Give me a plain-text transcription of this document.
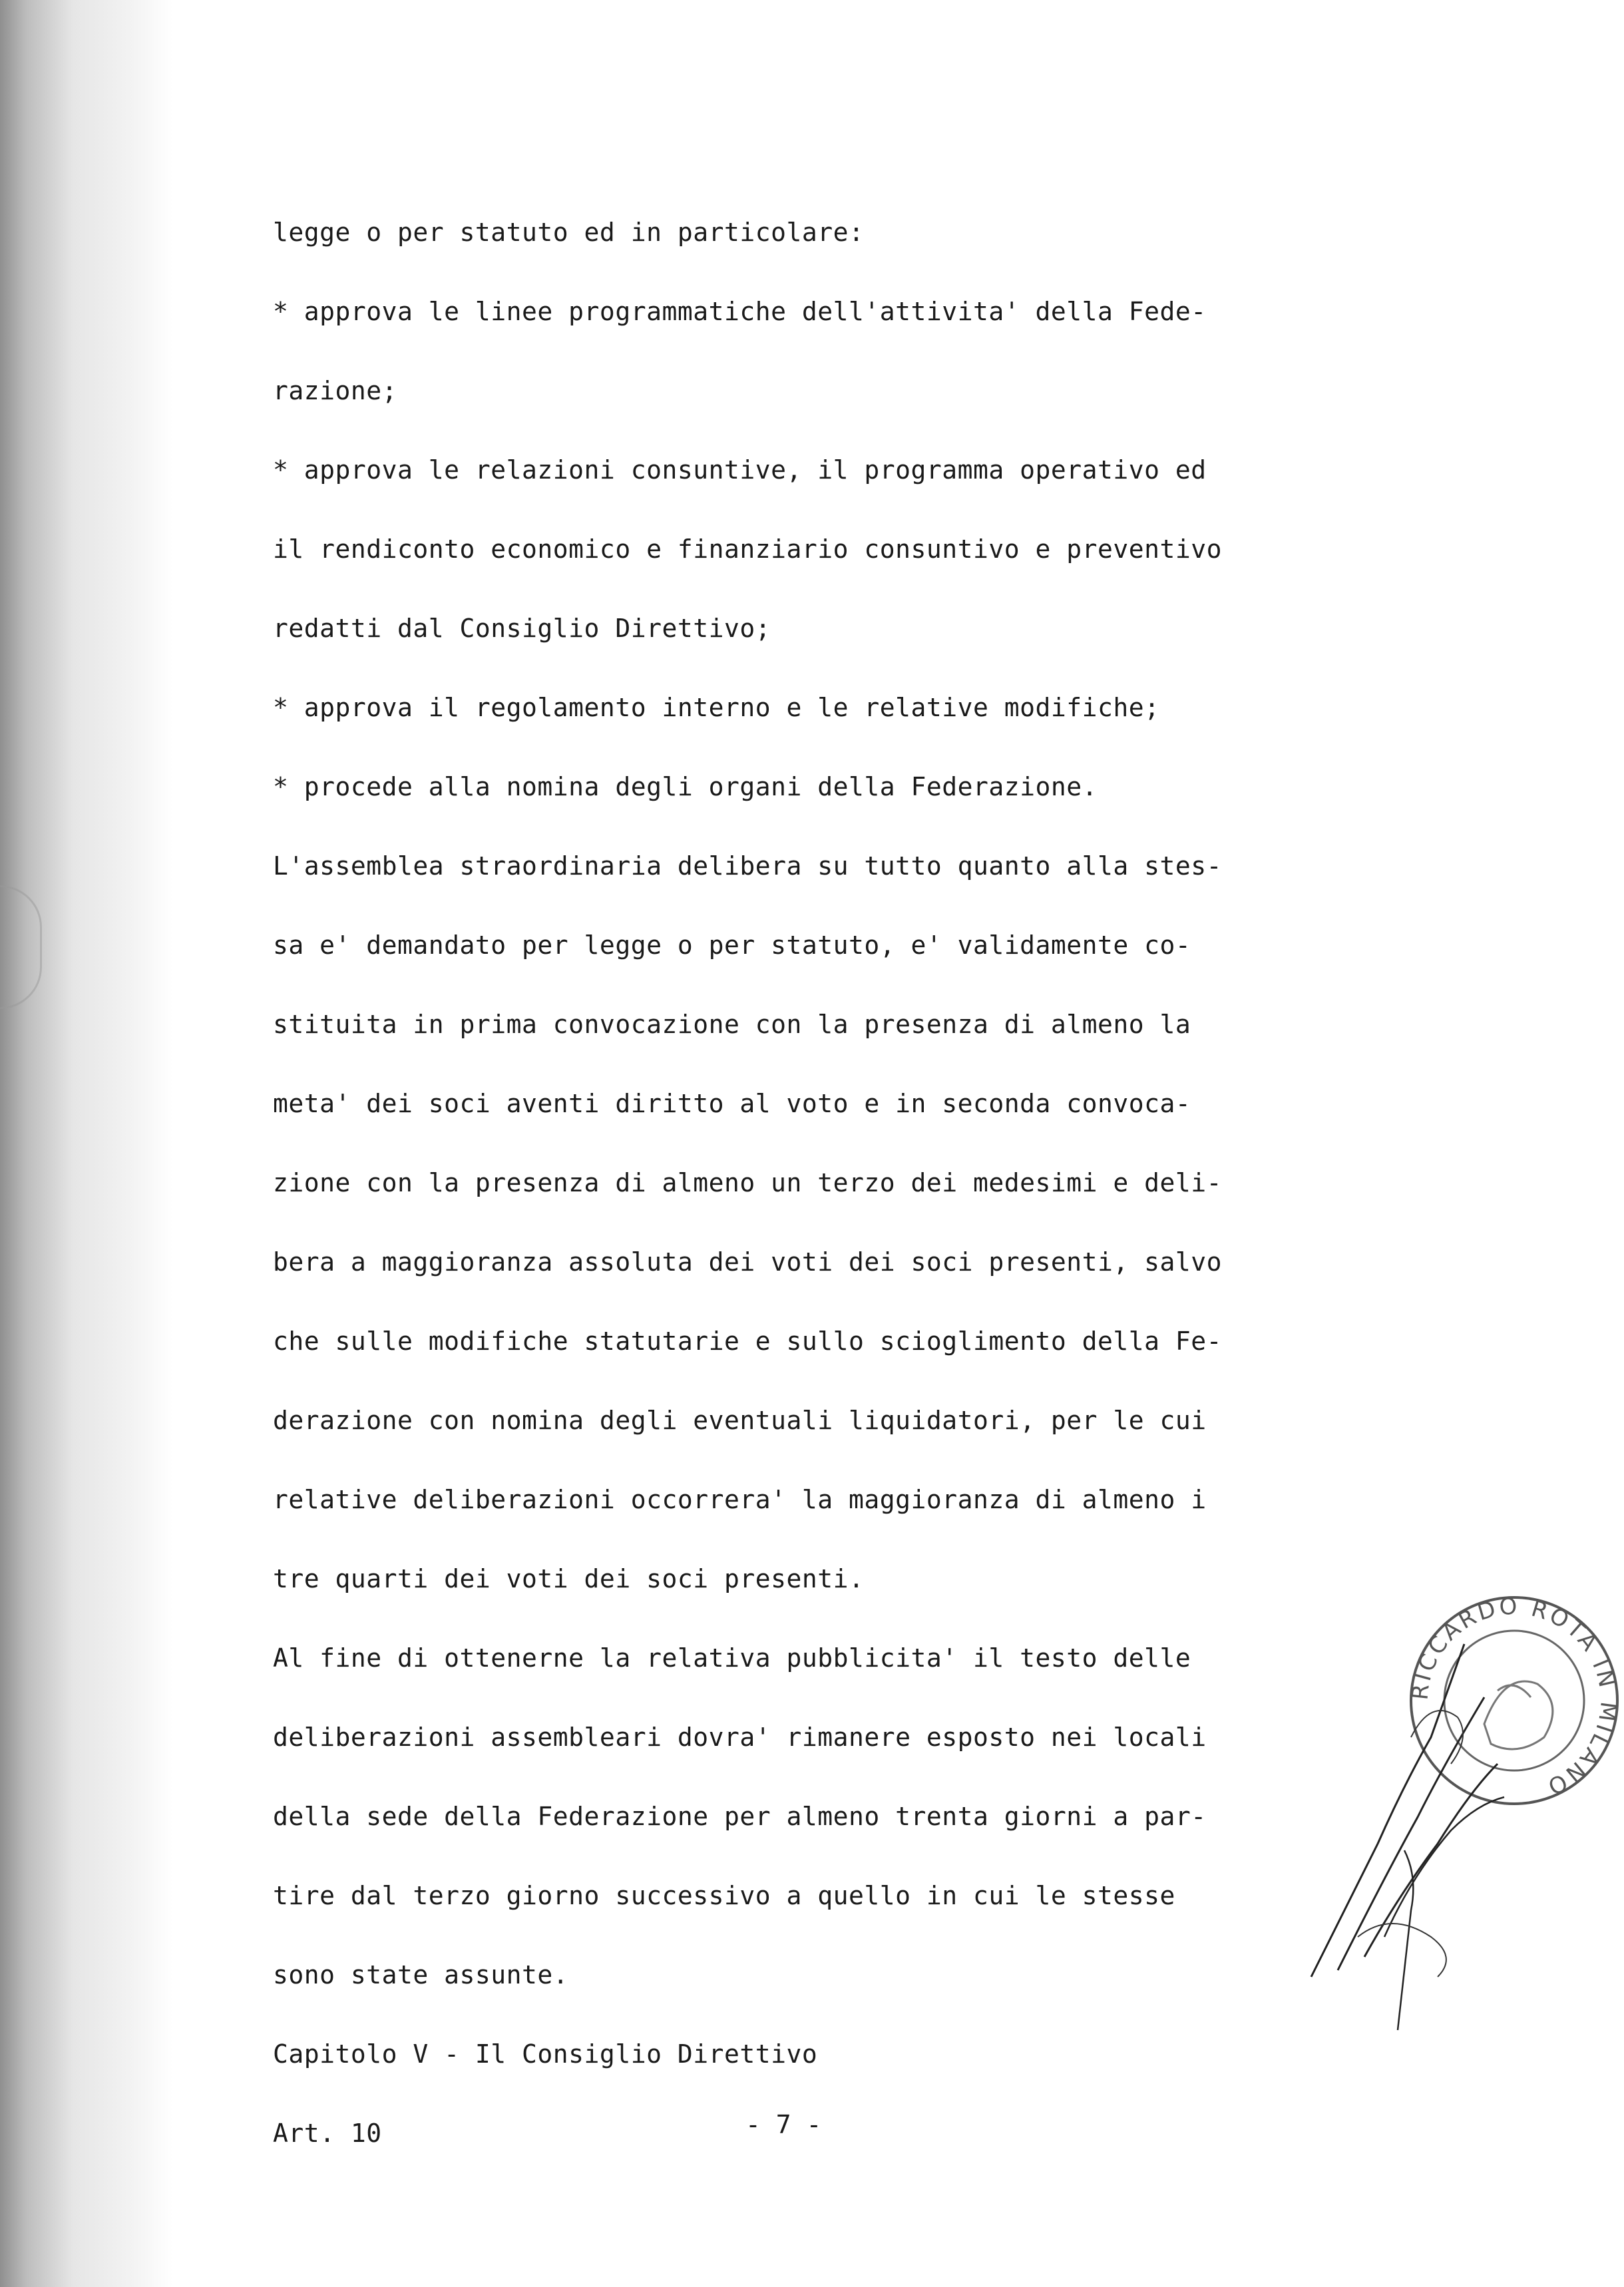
legge o per statuto ed in particolare:
* approva le linee programmatiche dell'attivita' della Fede-
razione;
* approva le relazioni consuntive, il programma operativo ed
il rendiconto economico e finanziario consuntivo e preventivo
redatti dal Consiglio Direttivo;
* approva il regolamento interno e le relative modifiche;
* procede alla nomina degli organi della Federazione.
L'assemblea straordinaria delibera su tutto quanto alla stes-
sa e' demandato per legge o per statuto, e' validamente co-
stituita in prima convocazione con la presenza di almeno la
meta' dei soci aventi diritto al voto e in seconda convoca-
zione con la presenza di almeno un terzo dei medesimi e deli-
bera a maggioranza assoluta dei voti dei soci presenti, salvo
che sulle modifiche statutarie e sullo scioglimento della Fe-
derazione con nomina degli eventuali liquidatori, per le cui
relative deliberazioni occorrera' la maggioranza di almeno i
tre quarti dei voti dei soci presenti.
Al fine di ottenerne la relativa pubblicita' il testo delle
deliberazioni assembleari dovra' rimanere esposto nei locali
della sede della Federazione per almeno trenta giorni a par-
tire dal terzo giorno successivo a quello in cui le stesse
sono state assunte.
Capitolo V - Il Consiglio Direttivo
Art. 10	- 7 -
RICCARDO ROTA IN MILANO
